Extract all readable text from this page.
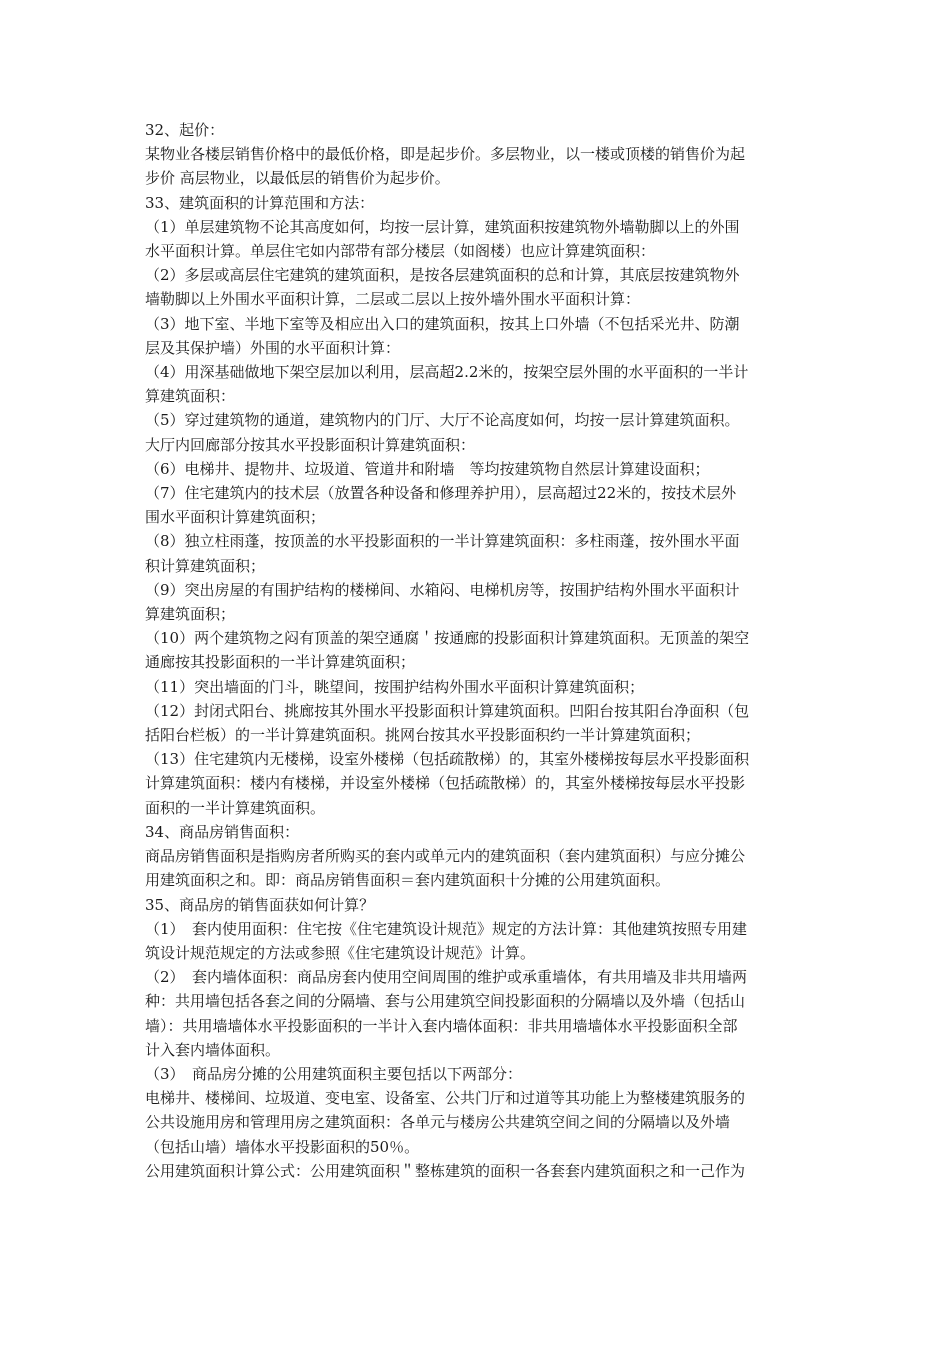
32、起价：
某物业各楼层销售价格中的最低价格，即是起步价。多层物业，以一楼或顶楼的销售价为起
步价 高层物业，以最低层的销售价为起步价。
33、建筑面积的计算范围和方法：
（1）单层建筑物不论其高度如何，均按一层计算，建筑面积按建筑物外墙勒脚以上的外围
水平面积计算。单层住宅如内部带有部分楼层（如阁楼）也应计算建筑面积：
（2）多层或高层住宅建筑的建筑面积，是按各层建筑面积的总和计算，其底层按建筑物外
墙勒脚以上外围水平面积计算，二层或二层以上按外墙外围水平面积计算：
（3）地下室、半地下室等及相应出入口的建筑面积，按其上口外墙（不包括采光井、防潮
层及其保护墙）外围的水平面积计算：
（4）用深基础做地下架空层加以利用，层高超2.2米的，按架空层外围的水平面积的一半计
算建筑面积：
（5）穿过建筑物的通道，建筑物内的门厅、大厅不论高度如何，均按一层计算建筑面积。
大厅内回廊部分按其水平投影面积计算建筑面积：
（6）电梯井、提物井、垃圾道、管道井和附墙　等均按建筑物自然层计算建设面积；
（7）住宅建筑内的技术层（放置各种设备和修理养护用），层高超过22米的，按技术层外
围水平面积计算建筑面积；
（8）独立柱雨蓬，按顶盖的水平投影面积的一半计算建筑面积：多柱雨蓬，按外围水平面
积计算建筑面积；
（9）突出房屋的有围护结构的楼梯间、水箱闷、电梯机房等，按围护结构外围水平面积计
算建筑面积；
（10）两个建筑物之闷有顶盖的架空通腐＇按通廊的投影面积计算建筑面积。无顶盖的架空
通廊按其投影面积的一半计算建筑面积；
（11）突出墙面的门斗，眺望间，按围护结构外围水平面积计算建筑面积；
（12）封闭式阳台、挑廊按其外围水平投影面积计算建筑面积。凹阳台按其阳台净面积（包
括阳台栏板）的一半计算建筑面积。挑网台按其水平投影面积约一半计算建筑面积；
（13）住宅建筑内无楼梯，设室外楼梯（包括疏散梯）的，其室外楼梯按每层水平投影面积
计算建筑面积：楼内有楼梯，并设室外楼梯（包括疏散梯）的，其室外楼梯按每层水平投影
面积的一半计算建筑面积。
34、商品房销售面积：
商品房销售面积是指购房者所购买的套内或单元内的建筑面积（套内建筑面积）与应分摊公
用建筑面积之和。即：商品房销售面积＝套内建筑面积十分摊的公用建筑面积。
35、商品房的销售面获如何计算？
（1）　套内使用面积：住宅按《住宅建筑设计规范》规定的方法计算：其他建筑按照专用建
筑设计规范规定的方法或参照《住宅建筑设计规范》计算。
（2）　套内墙体面积：商品房套内使用空间周围的维护或承重墙体，有共用墙及非共用墙两
种：共用墙包括各套之间的分隔墙、套与公用建筑空间投影面积的分隔墙以及外墙（包括山
墙）：共用墙墙体水平投影面积的一半计入套内墙体面积：非共用墙墙体水平投影面积全部
计入套内墙体面积。
（3）　商品房分摊的公用建筑面积主要包括以下两部分：
电梯井、楼梯间、垃圾道、变电室、设备室、公共门厅和过道等其功能上为整楼建筑服务的
公共设施用房和管理用房之建筑面积：各单元与楼房公共建筑空间之间的分隔墙以及外墙
（包括山墙）墙体水平投影面积的50％。
公用建筑面积计算公式：公用建筑面积＂整栋建筑的面积一各套套内建筑面积之和一己作为
